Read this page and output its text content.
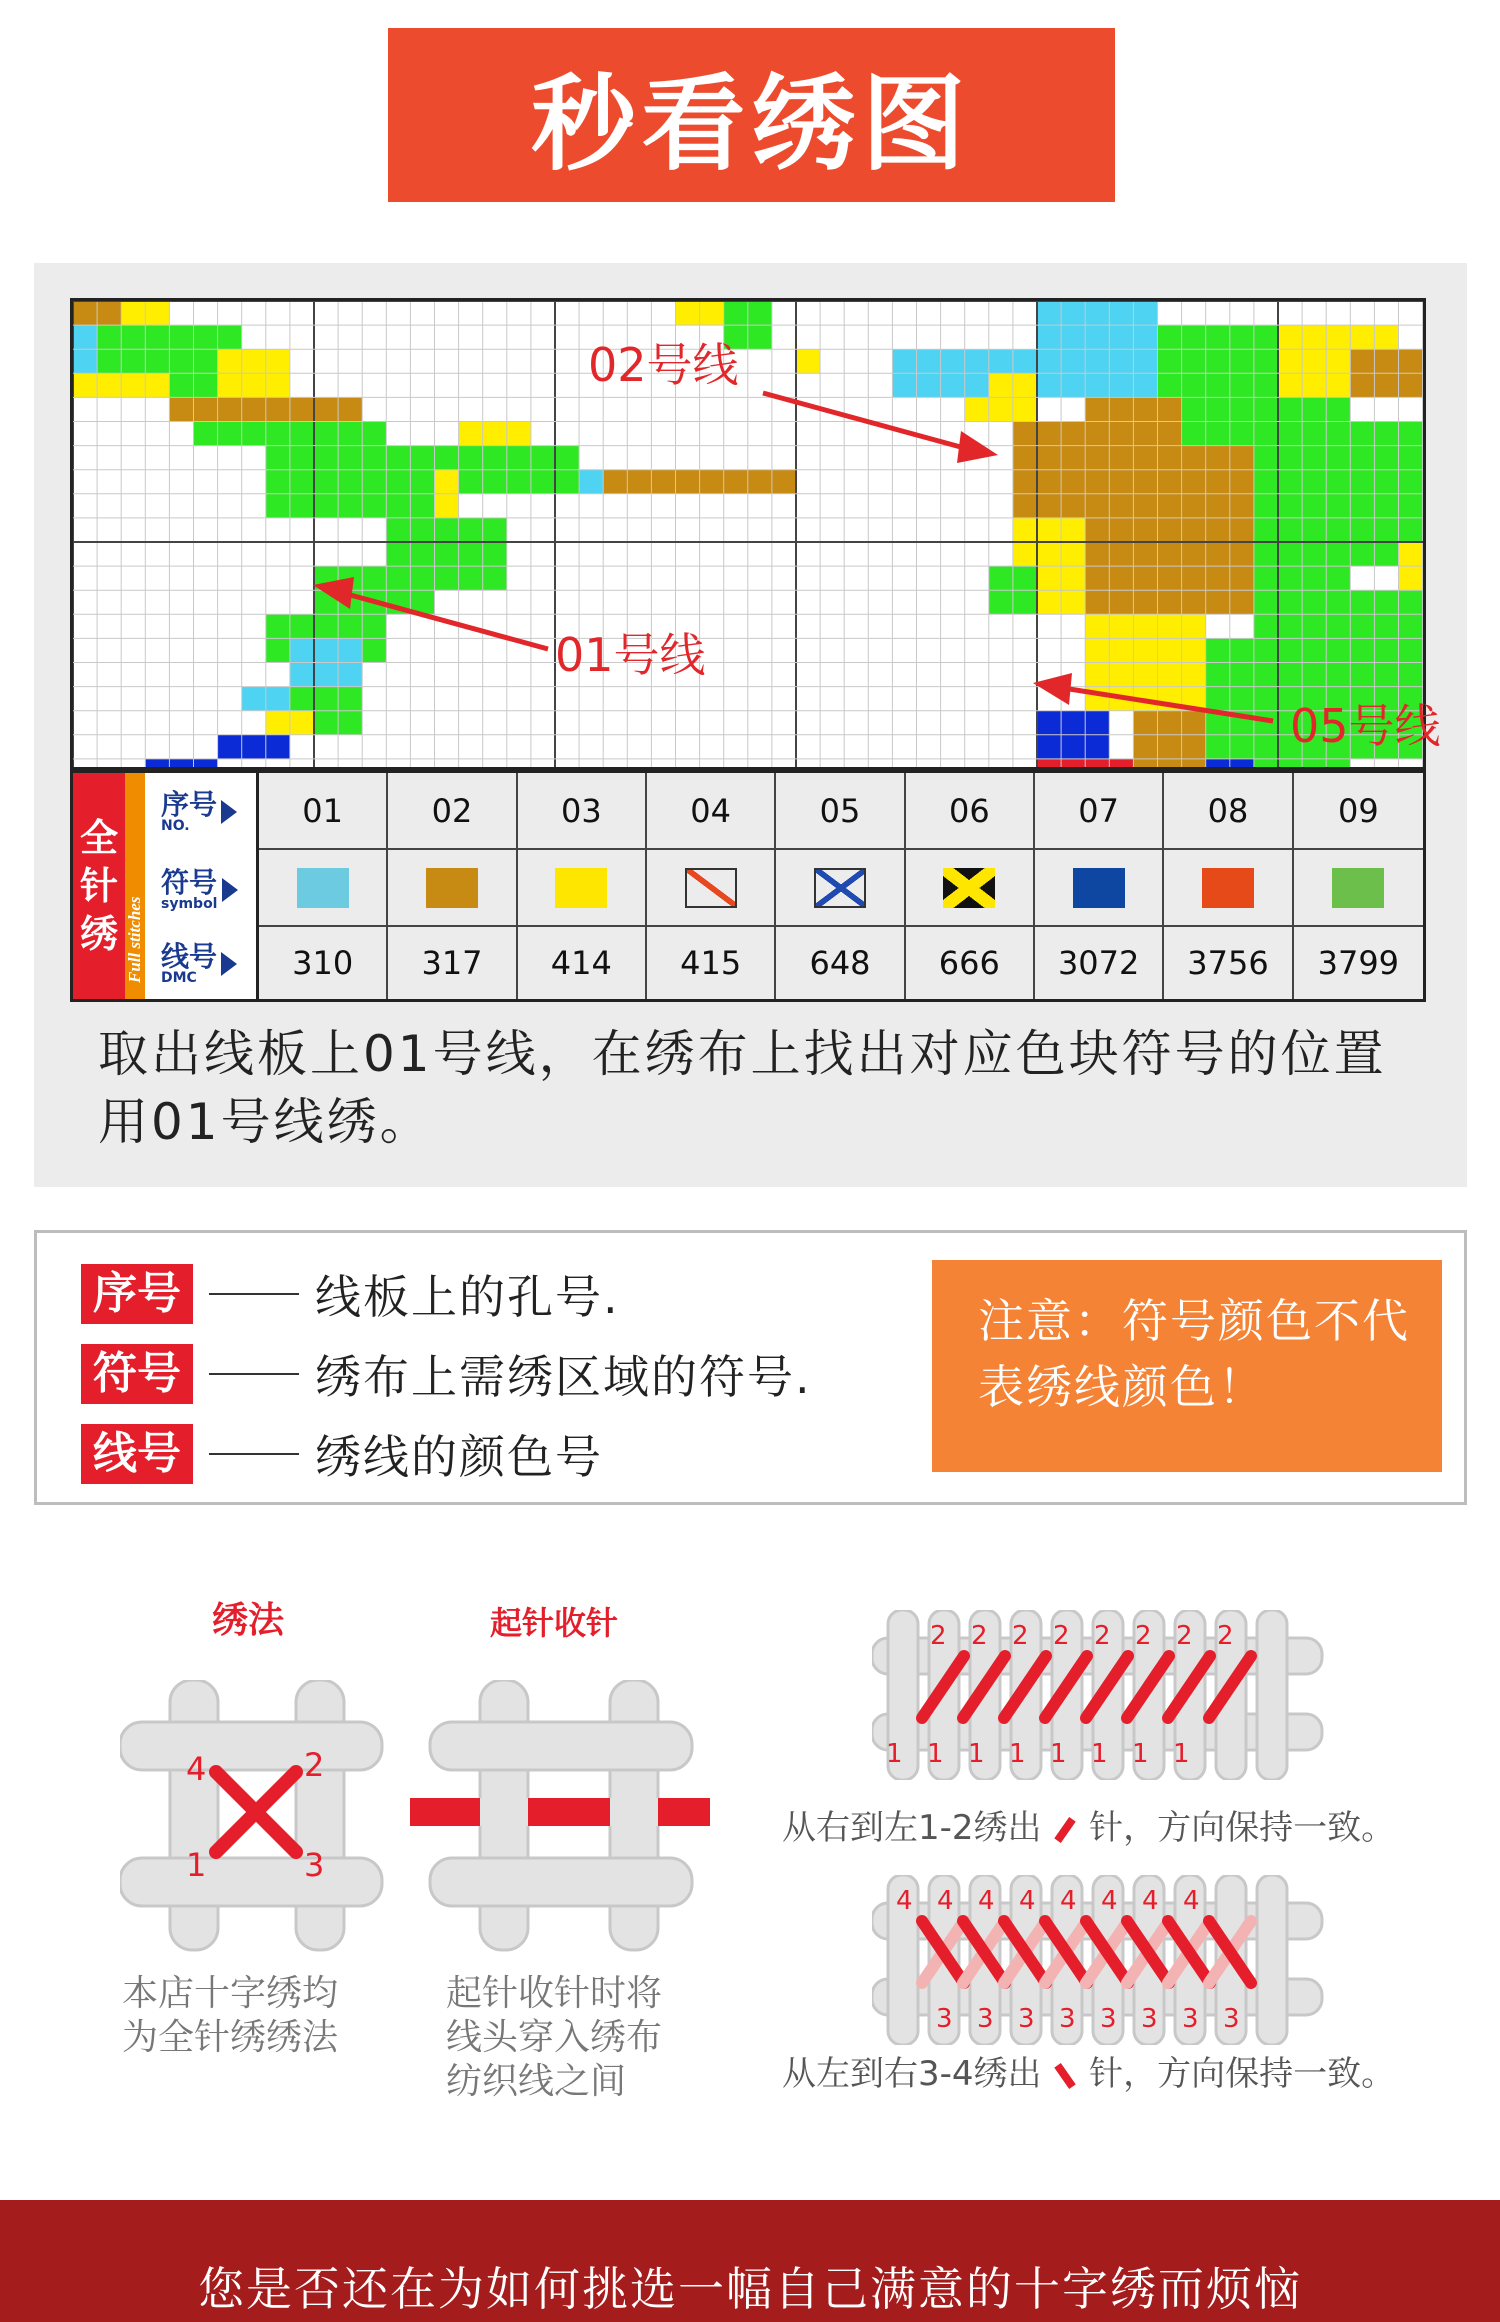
秒看绣图
02号线
01号线
05号线
全
针
绣 Full stitches
序号
NO.
符号
symbol
线号
DMC
01	02	03	04	05	06	07	08	09
310	317	414	415	648	666	3072	3756	3799
取出线板上01号线，在绣布上找出对应色块符号的位置用01号线绣。
序号	线板上的孔号.
符号	绣布上需绣区域的符号.
线号	绣线的颜色号
注意：符号颜色不代表绣线颜色！
绣法	起针收针
4	2
1	3
本店十字绣均
为全针绣绣法
起针收针时将
线头穿入绣布
纺织线之间
2
1
2
1
2
1
2
1
2
1
2
1
2
1
2
1
从右到左1-2绣出 针，方向保持一致。
4
3
4
3
4
3
4
3
4
3
4
3
4
3
4
3
从左到右3-4绣出 针，方向保持一致。
您是否还在为如何挑选一幅自己满意的十字绣而烦恼
